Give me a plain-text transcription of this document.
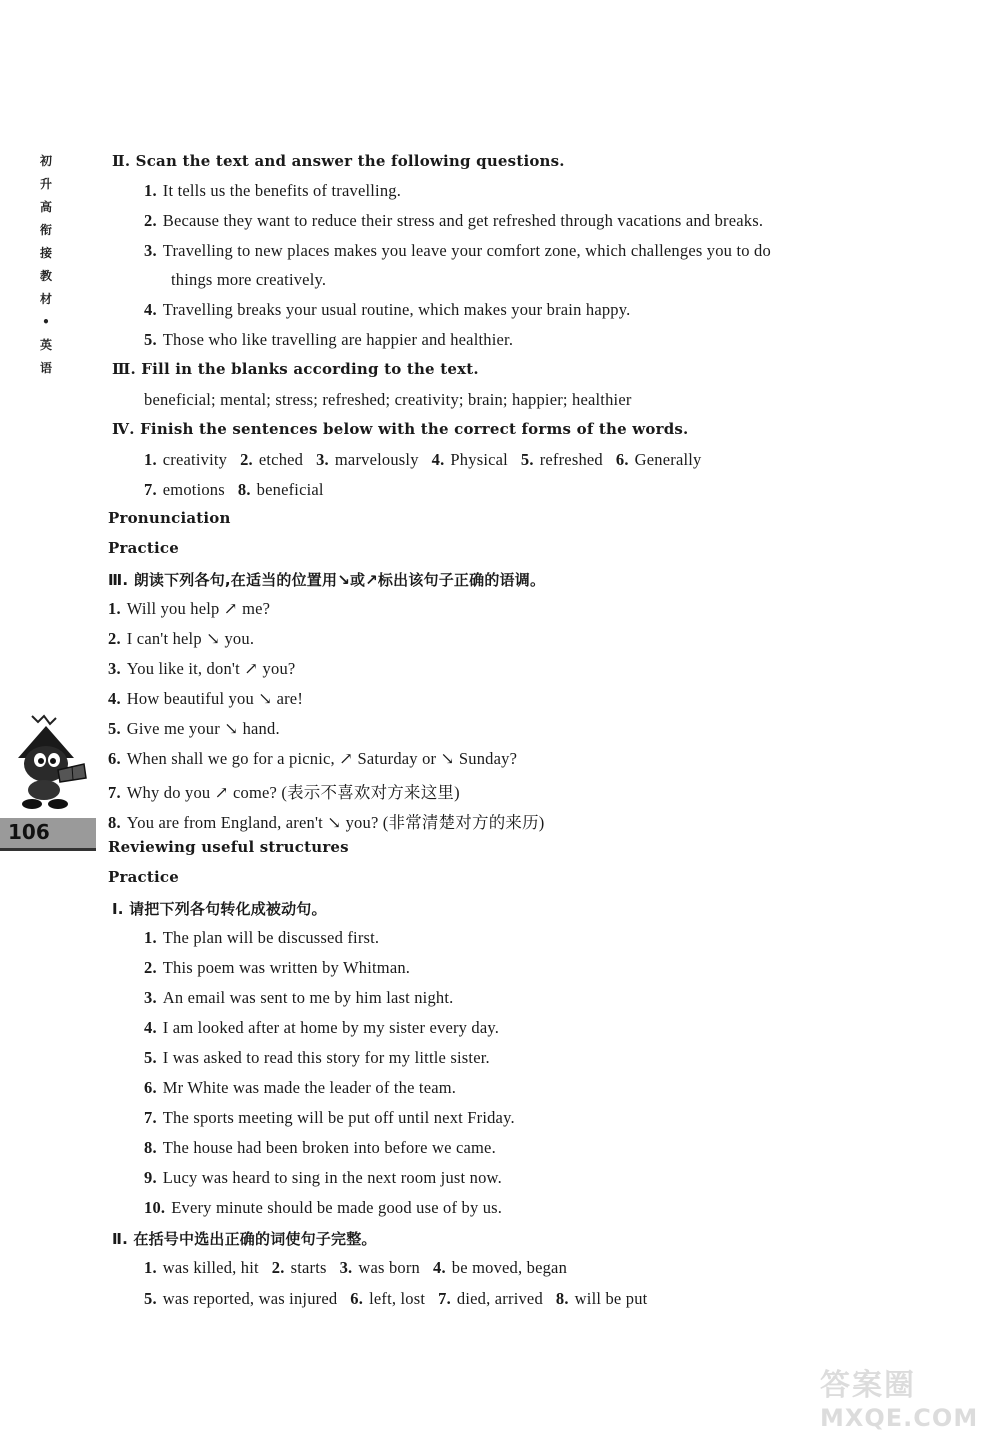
初
升
高
衔
接
教
材
•
英
语
106
Ⅱ. Scan the text and answer the following questions.
1. It tells us the benefits of travelling.
2. Because they want to reduce their stress and get refreshed through vacations and breaks.
3. Travelling to new places makes you leave your comfort zone, which challenges you to do
things more creatively.
4. Travelling breaks your usual routine, which makes your brain happy.
5. Those who like travelling are happier and healthier.
Ⅲ. Fill in the blanks according to the text.
beneficial; mental; stress; refreshed; creativity; brain; happier; healthier
Ⅳ. Finish the sentences below with the correct forms of the words.
1. creativity 2. etched 3. marvelously 4. Physical 5. refreshed 6. Generally
7. emotions 8. beneficial
Pronunciation
Practice
Ⅲ. 朗读下列各句,在适当的位置用↘或↗标出该句子正确的语调。
1. Will you help ↗ me?
2. I can't help ↘ you.
3. You like it, don't ↗ you?
4. How beautiful you ↘ are!
5. Give me your ↘ hand.
6. When shall we go for a picnic, ↗ Saturday or ↘ Sunday?
7. Why do you ↗ come? (表示不喜欢对方来这里)
8. You are from England, aren't ↘ you? (非常清楚对方的来历)
Reviewing useful structures
Practice
Ⅰ. 请把下列各句转化成被动句。
1. The plan will be discussed first.
2. This poem was written by Whitman.
3. An email was sent to me by him last night.
4. I am looked after at home by my sister every day.
5. I was asked to read this story for my little sister.
6. Mr White was made the leader of the team.
7. The sports meeting will be put off until next Friday.
8. The house had been broken into before we came.
9. Lucy was heard to sing in the next room just now.
10. Every minute should be made good use of by us.
Ⅱ. 在括号中选出正确的词使句子完整。
1. was killed, hit 2. starts 3. was born 4. be moved, began
5. was reported, was injured 6. left, lost 7. died, arrived 8. will be put
答案圈
MXQE.COM
